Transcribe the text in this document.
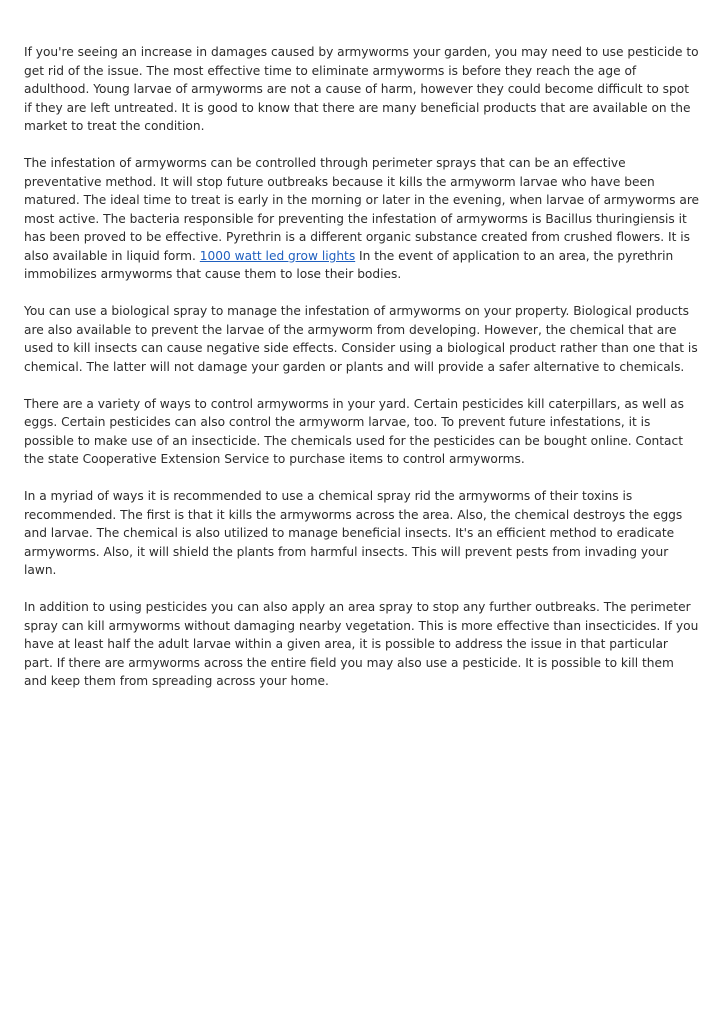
If you're seeing an increase in damages caused by armyworms your garden, you may need to use pesticide to get rid of the issue. The most effective time to eliminate armyworms is before they reach the age of adulthood. Young larvae of armyworms are not a cause of harm, however they could become difficult to spot if they are left untreated. It is good to know that there are many beneficial products that are available on the market to treat the condition.

The infestation of armyworms can be controlled through perimeter sprays that can be an effective preventative method. It will stop future outbreaks because it kills the armyworm larvae who have been matured. The ideal time to treat is early in the morning or later in the evening, when larvae of armyworms are most active. The bacteria responsible for preventing the infestation of armyworms is Bacillus thuringiensis it has been proved to be effective. Pyrethrin is a different organic substance created from crushed flowers. It is also available in liquid form. 1000 watt led grow lights In the event of application to an area, the pyrethrin immobilizes armyworms that cause them to lose their bodies.

You can use a biological spray to manage the infestation of armyworms on your property. Biological products are also available to prevent the larvae of the armyworm from developing. However, the chemical that are used to kill insects can cause negative side effects. Consider using a biological product rather than one that is chemical. The latter will not damage your garden or plants and will provide a safer alternative to chemicals.

There are a variety of ways to control armyworms in your yard. Certain pesticides kill caterpillars, as well as eggs. Certain pesticides can also control the armyworm larvae, too. To prevent future infestations, it is possible to make use of an insecticide. The chemicals used for the pesticides can be bought online. Contact the state Cooperative Extension Service to purchase items to control armyworms.

In a myriad of ways it is recommended to use a chemical spray rid the armyworms of their toxins is recommended. The first is that it kills the armyworms across the area. Also, the chemical destroys the eggs and larvae. The chemical is also utilized to manage beneficial insects. It's an efficient method to eradicate armyworms. Also, it will shield the plants from harmful insects. This will prevent pests from invading your lawn.

In addition to using pesticides you can also apply an area spray to stop any further outbreaks. The perimeter spray can kill armyworms without damaging nearby vegetation. This is more effective than insecticides. If you have at least half the adult larvae within a given area, it is possible to address the issue in that particular part. If there are armyworms across the entire field you may also use a pesticide. It is possible to kill them and keep them from spreading across your home.
